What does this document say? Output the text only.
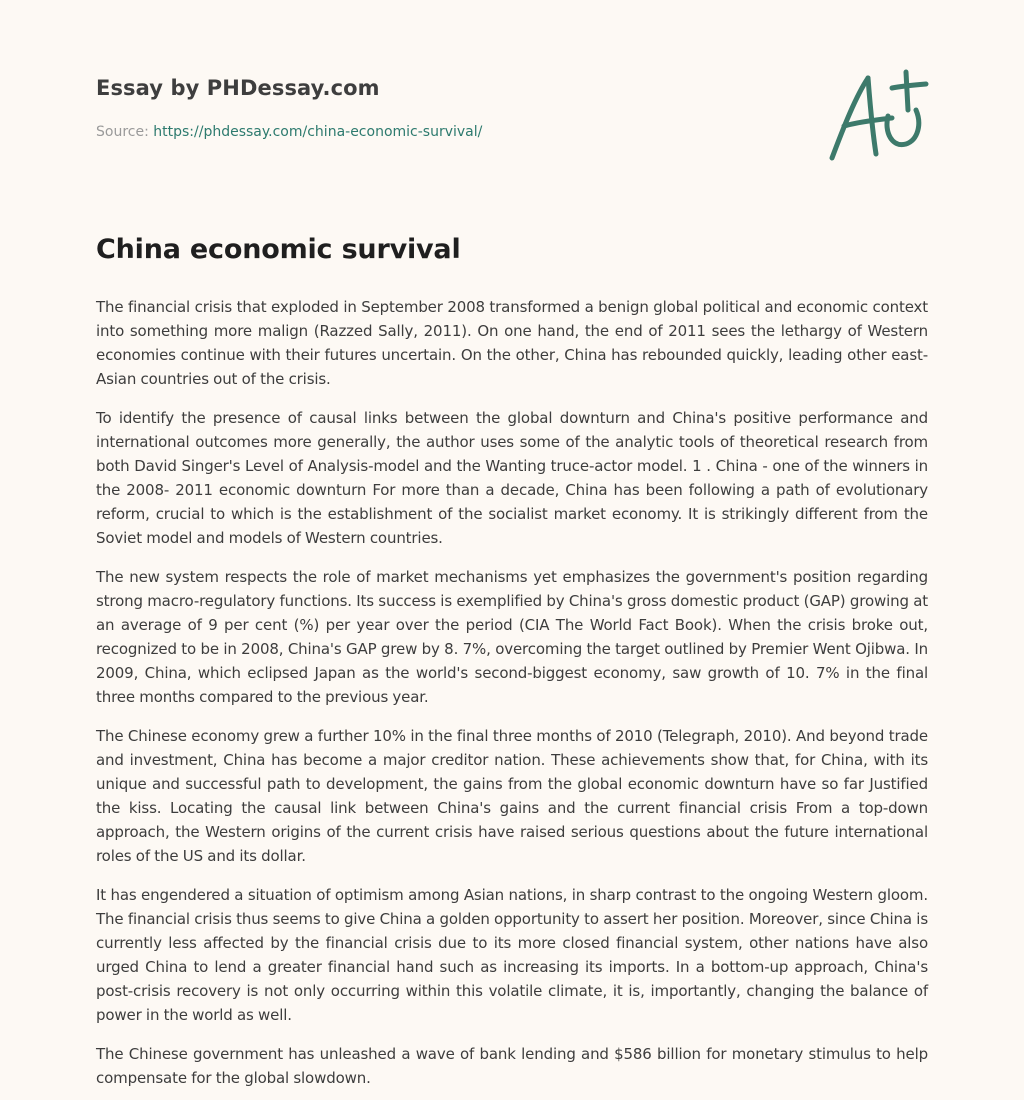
Essay by PHDessay.com
Source: https://phdessay.com/china-economic-survival/
China economic survival

The financial crisis that exploded in September 2008 transformed a benign global political and economic context into something more malign (Razzed Sally, 2011). On one hand, the end of 2011 sees the lethargy of Western economies continue with their futures uncertain. On the other, China has rebounded quickly, leading other east-Asian countries out of the crisis.

To identify the presence of causal links between the global downturn and China's positive performance and international outcomes more generally, the author uses some of the analytic tools of theoretical research from both David Singer's Level of Analysis-model and the Wanting truce-actor model. 1 . China - one of the winners in the 2008- 2011 economic downturn For more than a decade, China has been following a path of evolutionary reform, crucial to which is the establishment of the socialist market economy. It is strikingly different from the Soviet model and models of Western countries.

The new system respects the role of market mechanisms yet emphasizes the government's position regarding strong macro-regulatory functions. Its success is exemplified by China's gross domestic product (GAP) growing at an average of 9 per cent (%) per year over the period (CIA The World Fact Book). When the crisis broke out, recognized to be in 2008, China's GAP grew by 8. 7%, overcoming the target outlined by Premier Went Ojibwa. In 2009, China, which eclipsed Japan as the world's second-biggest economy, saw growth of 10. 7% in the final three months compared to the previous year.

The Chinese economy grew a further 10% in the final three months of 2010 (Telegraph, 2010). And beyond trade and investment, China has become a major creditor nation. These achievements show that, for China, with its unique and successful path to development, the gains from the global economic downturn have so far Justified the kiss. Locating the causal link between China's gains and the current financial crisis From a top-down approach, the Western origins of the current crisis have raised serious questions about the future international roles of the US and its dollar.

It has engendered a situation of optimism among Asian nations, in sharp contrast to the ongoing Western gloom. The financial crisis thus seems to give China a golden opportunity to assert her position. Moreover, since China is currently less affected by the financial crisis due to its more closed financial system, other nations have also urged China to lend a greater financial hand such as increasing its imports. In a bottom-up approach, China's post-crisis recovery is not only occurring within this volatile climate, it is, importantly, changing the balance of power in the world as well.

The Chinese government has unleashed a wave of bank lending and $586 billion for monetary stimulus to help compensate for the global slowdown.
